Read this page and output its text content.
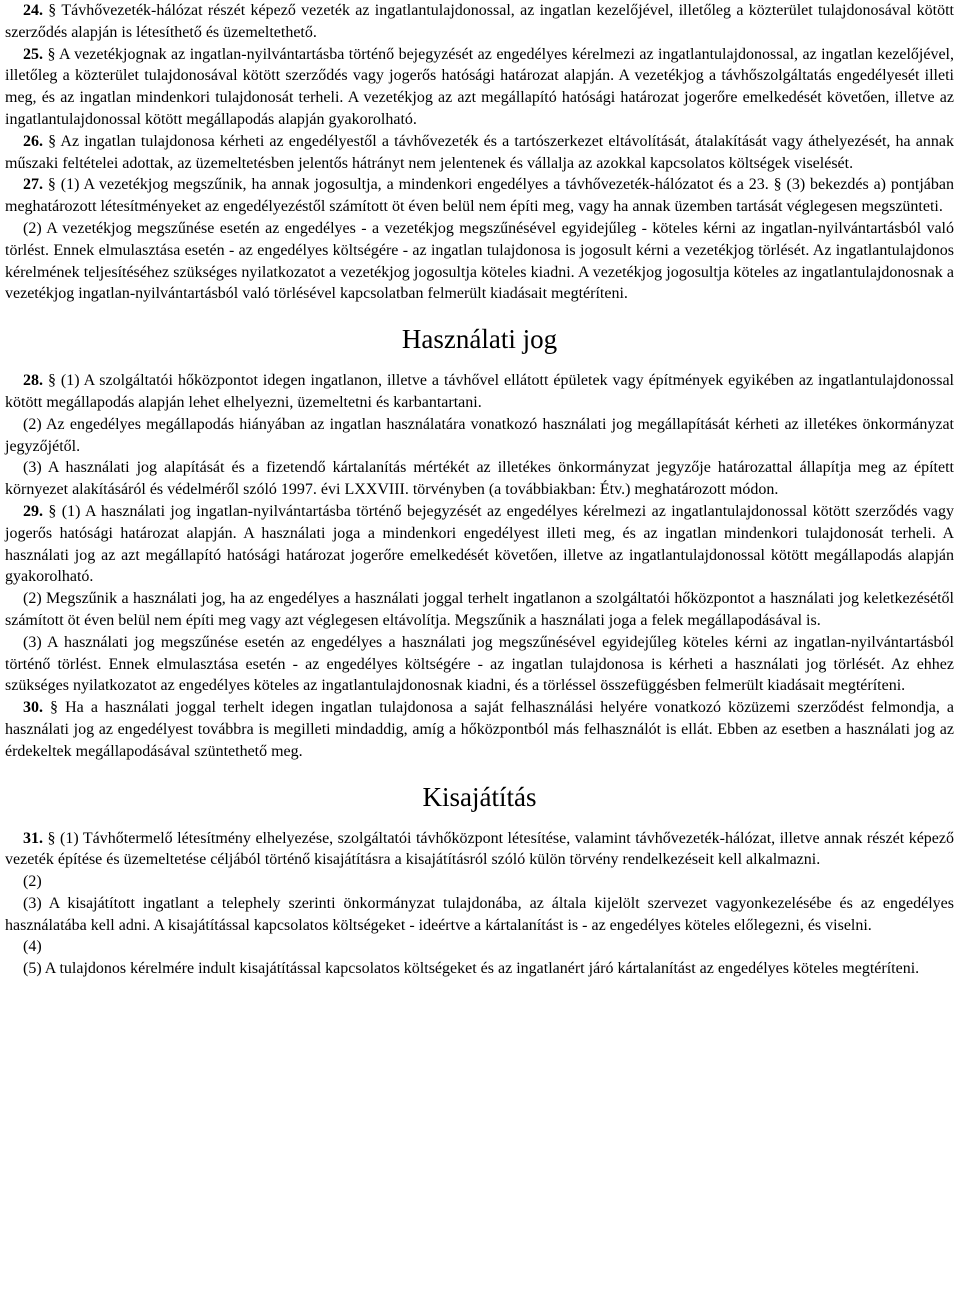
24. § Távhővezeték-hálózat részét képező vezeték az ingatlantulajdonossal, az ingatlan kezelőjével, illetőleg a közterület tulajdonosával kötött szerződés alapján is létesíthető és üzemeltethető.

25. § A vezetékjognak az ingatlan-nyilvántartásba történő bejegyzését az engedélyes kérelmezi az ingatlantulajdonossal, az ingatlan kezelőjével, illetőleg a közterület tulajdonosával kötött szerződés vagy jogerős hatósági határozat alapján. A vezetékjog a távhőszolgáltatás engedélyesét illeti meg, és az ingatlan mindenkori tulajdonosát terheli. A vezetékjog az azt megállapító hatósági határozat jogerőre emelkedését követően, illetve az ingatlantulajdonossal kötött megállapodás alapján gyakorolható.

26. § Az ingatlan tulajdonosa kérheti az engedélyestől a távhővezeték és a tartószerkezet eltávolítását, átalakítását vagy áthelyezését, ha annak műszaki feltételei adottak, az üzemeltetésben jelentős hátrányt nem jelentenek és vállalja az azokkal kapcsolatos költségek viselését.

27. § (1) A vezetékjog megszűnik, ha annak jogosultja, a mindenkori engedélyes a távhővezeték-hálózatot és a 23. § (3) bekezdés a) pontjában meghatározott létesítményeket az engedélyezéstől számított öt éven belül nem építi meg, vagy ha annak üzemben tartását véglegesen megszünteti.

(2) A vezetékjog megszűnése esetén az engedélyes - a vezetékjog megszűnésével egyidejűleg - köteles kérni az ingatlan-nyilvántartásból való törlést. Ennek elmulasztása esetén - az engedélyes költségére - az ingatlan tulajdonosa is jogosult kérni a vezetékjog törlését. Az ingatlantulajdonos kérelmének teljesítéséhez szükséges nyilatkozatot a vezetékjog jogosultja köteles kiadni. A vezetékjog jogosultja köteles az ingatlantulajdonosnak a vezetékjog ingatlan-nyilvántartásból való törlésével kapcsolatban felmerült kiadásait megtéríteni.

Használati jog

28. § (1) A szolgáltatói hőközpontot idegen ingatlanon, illetve a távhővel ellátott épületek vagy építmények egyikében az ingatlantulajdonossal kötött megállapodás alapján lehet elhelyezni, üzemeltetni és karbantartani.

(2) Az engedélyes megállapodás hiányában az ingatlan használatára vonatkozó használati jog megállapítását kérheti az illetékes önkormányzat jegyzőjétől.

(3) A használati jog alapítását és a fizetendő kártalanítás mértékét az illetékes önkormányzat jegyzője határozattal állapítja meg az épített környezet alakításáról és védelméről szóló 1997. évi LXXVIII. törvényben (a továbbiakban: Étv.) meghatározott módon.

29. § (1) A használati jog ingatlan-nyilvántartásba történő bejegyzését az engedélyes kérelmezi az ingatlantulajdonossal kötött szerződés vagy jogerős hatósági határozat alapján. A használati joga a mindenkori engedélyest illeti meg, és az ingatlan mindenkori tulajdonosát terheli. A használati jog az azt megállapító hatósági határozat jogerőre emelkedését követően, illetve az ingatlantulajdonossal kötött megállapodás alapján gyakorolható.

(2) Megszűnik a használati jog, ha az engedélyes a használati joggal terhelt ingatlanon a szolgáltatói hőközpontot a használati jog keletkezésétől számított öt éven belül nem építi meg vagy azt véglegesen eltávolítja. Megszűnik a használati joga a felek megállapodásával is.

(3) A használati jog megszűnése esetén az engedélyes a használati jog megszűnésével egyidejűleg köteles kérni az ingatlan-nyilvántartásból történő törlést. Ennek elmulasztása esetén - az engedélyes költségére - az ingatlan tulajdonosa is kérheti a használati jog törlését. Az ehhez szükséges nyilatkozatot az engedélyes köteles az ingatlantulajdonosnak kiadni, és a törléssel összefüggésben felmerült kiadásait megtéríteni.

30. § Ha a használati joggal terhelt idegen ingatlan tulajdonosa a saját felhasználási helyére vonatkozó közüzemi szerződést felmondja, a használati jog az engedélyest továbbra is megilleti mindaddig, amíg a hőközpontból más felhasználót is ellát. Ebben az esetben a használati jog az érdekeltek megállapodásával szüntethető meg.

Kisajátítás

31. § (1) Távhőtermelő létesítmény elhelyezése, szolgáltatói távhőközpont létesítése, valamint távhővezeték-hálózat, illetve annak részét képező vezeték építése és üzemeltetése céljából történő kisajátításra a kisajátításról szóló külön törvény rendelkezéseit kell alkalmazni.

(2)

(3) A kisajátított ingatlant a telephely szerinti önkormányzat tulajdonába, az általa kijelölt szervezet vagyonkezelésébe és az engedélyes használatába kell adni. A kisajátítással kapcsolatos költségeket - ideértve a kártalanítást is - az engedélyes köteles előlegezni, és viselni.

(4)

(5) A tulajdonos kérelmére indult kisajátítással kapcsolatos költségeket és az ingatlanért járó kártalanítást az engedélyes köteles megtéríteni.
